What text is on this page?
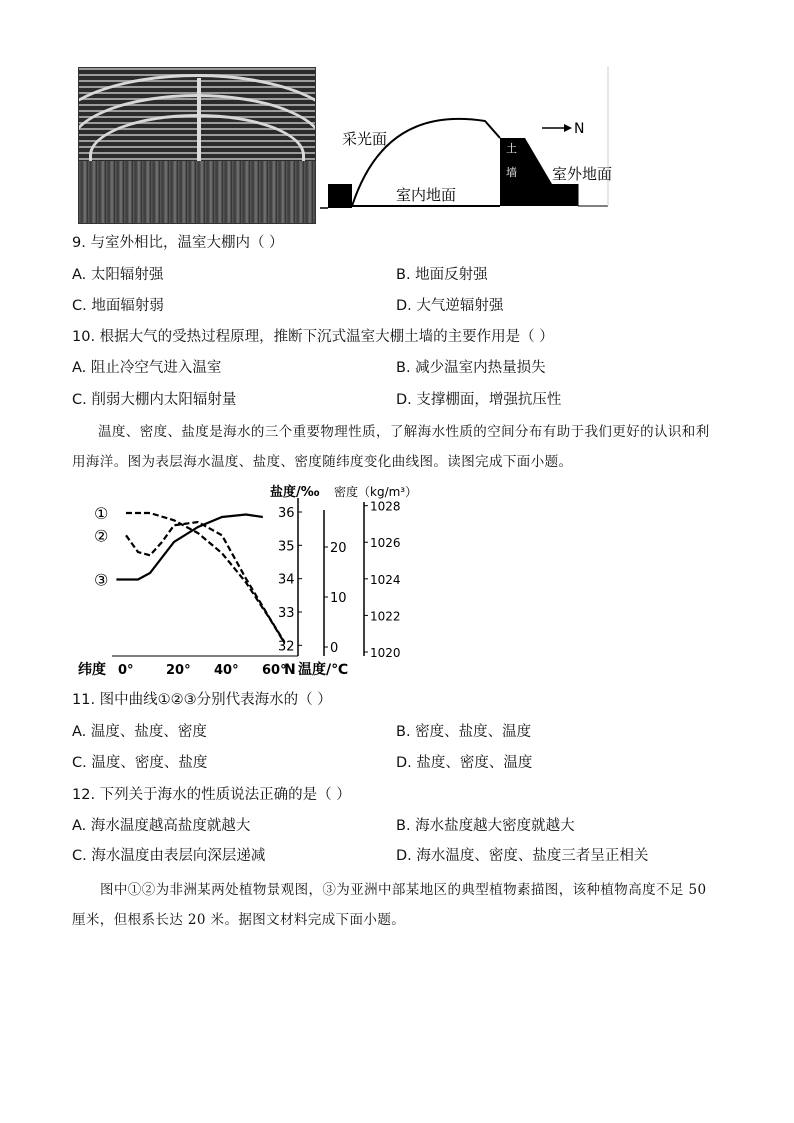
采光面
室内地面
室外地面
土
墙
N
9. 与室外相比，温室大棚内（ ）
A. 太阳辐射强	B. 地面反射强
C. 地面辐射弱	D. 大气逆辐射强
10. 根据大气的受热过程原理，推断下沉式温室大棚土墙的主要作用是（ ）
A. 阻止冷空气进入温室	B. 减少温室内热量损失
C. 削弱大棚内太阳辐射量	D. 支撑棚面，增强抗压性
温度、密度、盐度是海水的三个重要物理性质，了解海水性质的空间分布有助于我们更好的认识和利
用海洋。图为表层海水温度、盐度、密度随纬度变化曲线图。读图完成下面小题。
32
33
34
35
36
0
10
20
1020
1022
1024
1026
1028
盐度/‰ 密度（kg/m³）
N 温度/℃
纬度 0° 20° 40° 60°
①
②
③
11. 图中曲线①②③分别代表海水的（ ）
A. 温度、盐度、密度	B. 密度、盐度、温度
C. 温度、密度、盐度	D. 盐度、密度、温度
12. 下列关于海水的性质说法正确的是（ ）
A. 海水温度越高盐度就越大	B. 海水盐度越大密度就越大
C. 海水温度由表层向深层递减	D. 海水温度、密度、盐度三者呈正相关
图中①②为非洲某两处植物景观图，③为亚洲中部某地区的典型植物素描图，该种植物高度不足 50
厘米，但根系长达 20 米。据图文材料完成下面小题。
